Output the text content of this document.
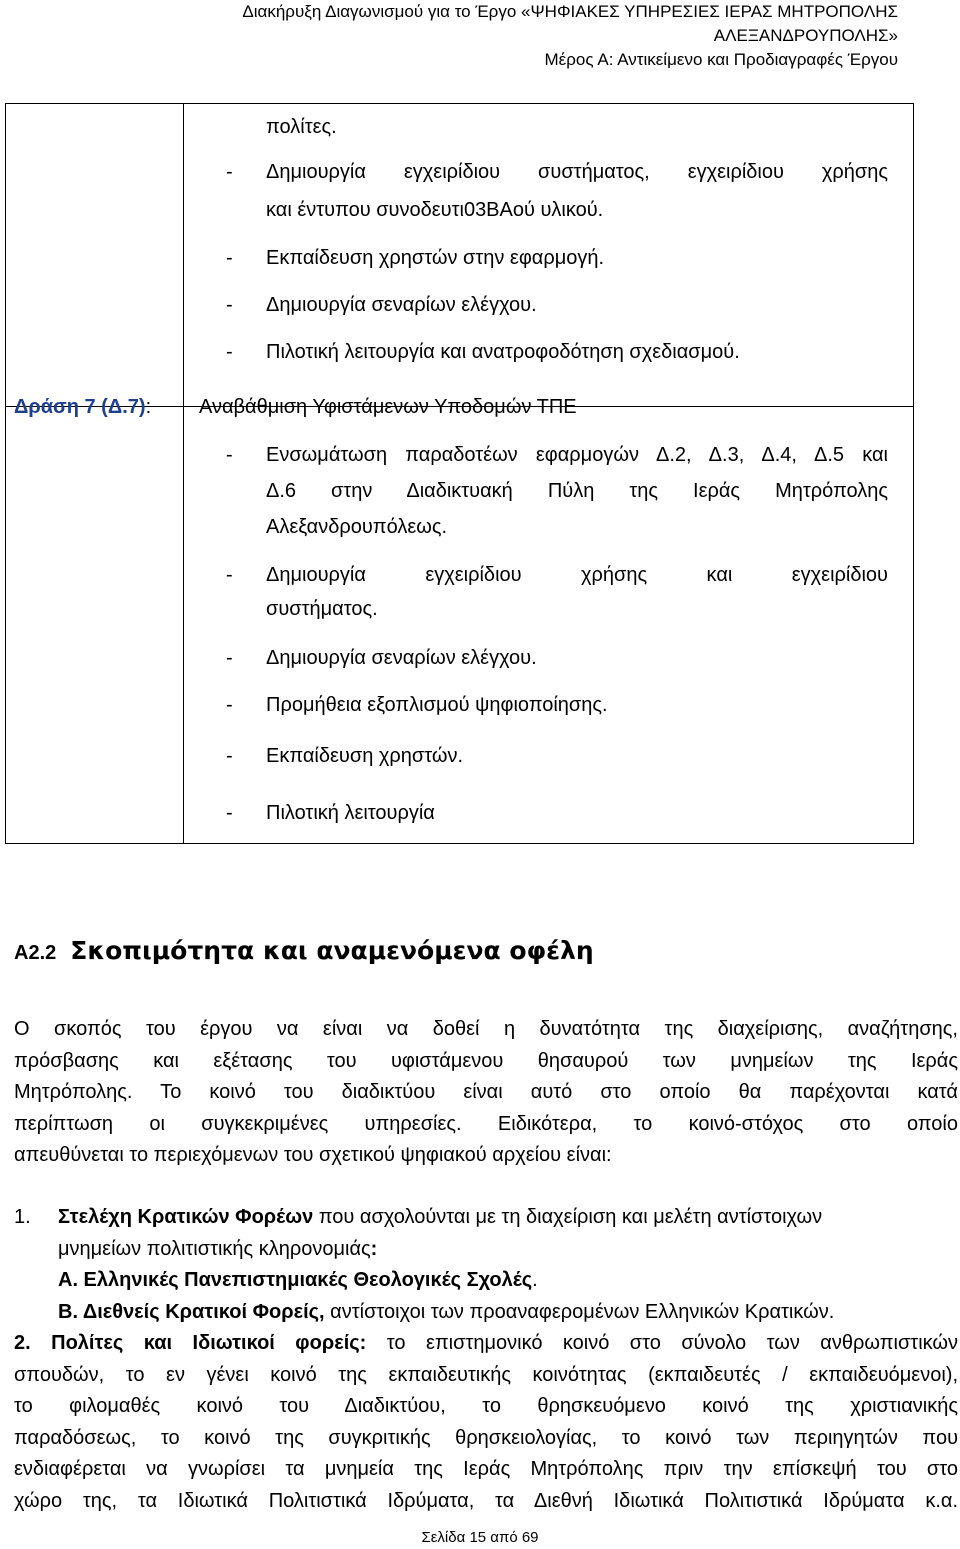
Διακήρυξη Διαγωνισμού για το Έργο «ΨΗΦΙΑΚΕΣ ΥΠΗΡΕΣΙΕΣ ΙΕΡΑΣ ΜΗΤΡΟΠΟΛΗΣ
ΑΛΕΞΑΝΔΡΟΥΠΟΛΗΣ»
Μέρος Α: Αντικείμενο και Προδιαγραφές Έργου
πολίτες.
- Δημιουργία εγχειρίδιου συστήματος, εγχειρίδιου χρήσης
και έντυπου συνοδευτι03ΒΑού υλικού.
- Εκπαίδευση χρηστών στην εφαρμογή.
- Δημιουργία σεναρίων ελέγχου.
- Πιλοτική λειτουργία και ανατροφοδότηση σχεδιασμού.
Δράση 7 (Δ.7): Αναβάθμιση Υφιστάμενων Υποδομών ΤΠΕ
- Ενσωμάτωση παραδοτέων εφαρμογών Δ.2, Δ.3, Δ.4, Δ.5 και
Δ.6 στην Διαδικτυακή Πύλη της Ιεράς Μητρόπολης
Αλεξανδρουπόλεως.
- Δημιουργία εγχειρίδιου χρήσης και εγχειρίδιου
συστήματος.
- Δημιουργία σεναρίων ελέγχου.
- Προμήθεια εξοπλισμού ψηφιοποίησης.
- Εκπαίδευση χρηστών.
- Πιλοτική λειτουργία
Α2.2 Σκοπιμότητα και αναμενόμενα οφέλη

Ο σκοπός του έργου να είναι να δοθεί η δυνατότητα της διαχείρισης, αναζήτησης,

πρόσβασης και εξέτασης του υφιστάμενου θησαυρού των μνημείων της Ιεράς

Μητρόπολης. Το κοινό του διαδικτύου είναι αυτό στο οποίο θα παρέχονται κατά

περίπτωση οι συγκεκριμένες υπηρεσίες. Ειδικότερα, το κοινό-στόχος στο οποίο

απευθύνεται το περιεχόμενων του σχετικού ψηφιακού αρχείου είναι:

1. Στελέχη Κρατικών Φορέων που ασχολούνται με τη διαχείριση και μελέτη αντίστοιχων

μνημείων πολιτιστικής κληρονομιάς:

Α. Ελληνικές Πανεπιστημιακές Θεολογικές Σχολές.

Β. Διεθνείς Κρατικοί Φορείς, αντίστοιχοι των προαναφερομένων Ελληνικών Κρατικών.

2. Πολίτες και Ιδιωτικοί φορείς: το επιστημονικό κοινό στο σύνολο των ανθρωπιστικών

σπουδών, το εν γένει κοινό της εκπαιδευτικής κοινότητας (εκπαιδευτές / εκπαιδευόμενοι),

το φιλομαθές κοινό του Διαδικτύου, το θρησκευόμενο κοινό της χριστιανικής

παραδόσεως, το κοινό της συγκριτικής θρησκειολογίας, το κοινό των περιηγητών που

ενδιαφέρεται να γνωρίσει τα μνημεία της Ιεράς Μητρόπολης πριν την επίσκεψή του στο

χώρο της, τα Ιδιωτικά Πολιτιστικά Ιδρύματα, τα Διεθνή Ιδιωτικά Πολιτιστικά Ιδρύματα κ.α.

Σελίδα 15 από 69
